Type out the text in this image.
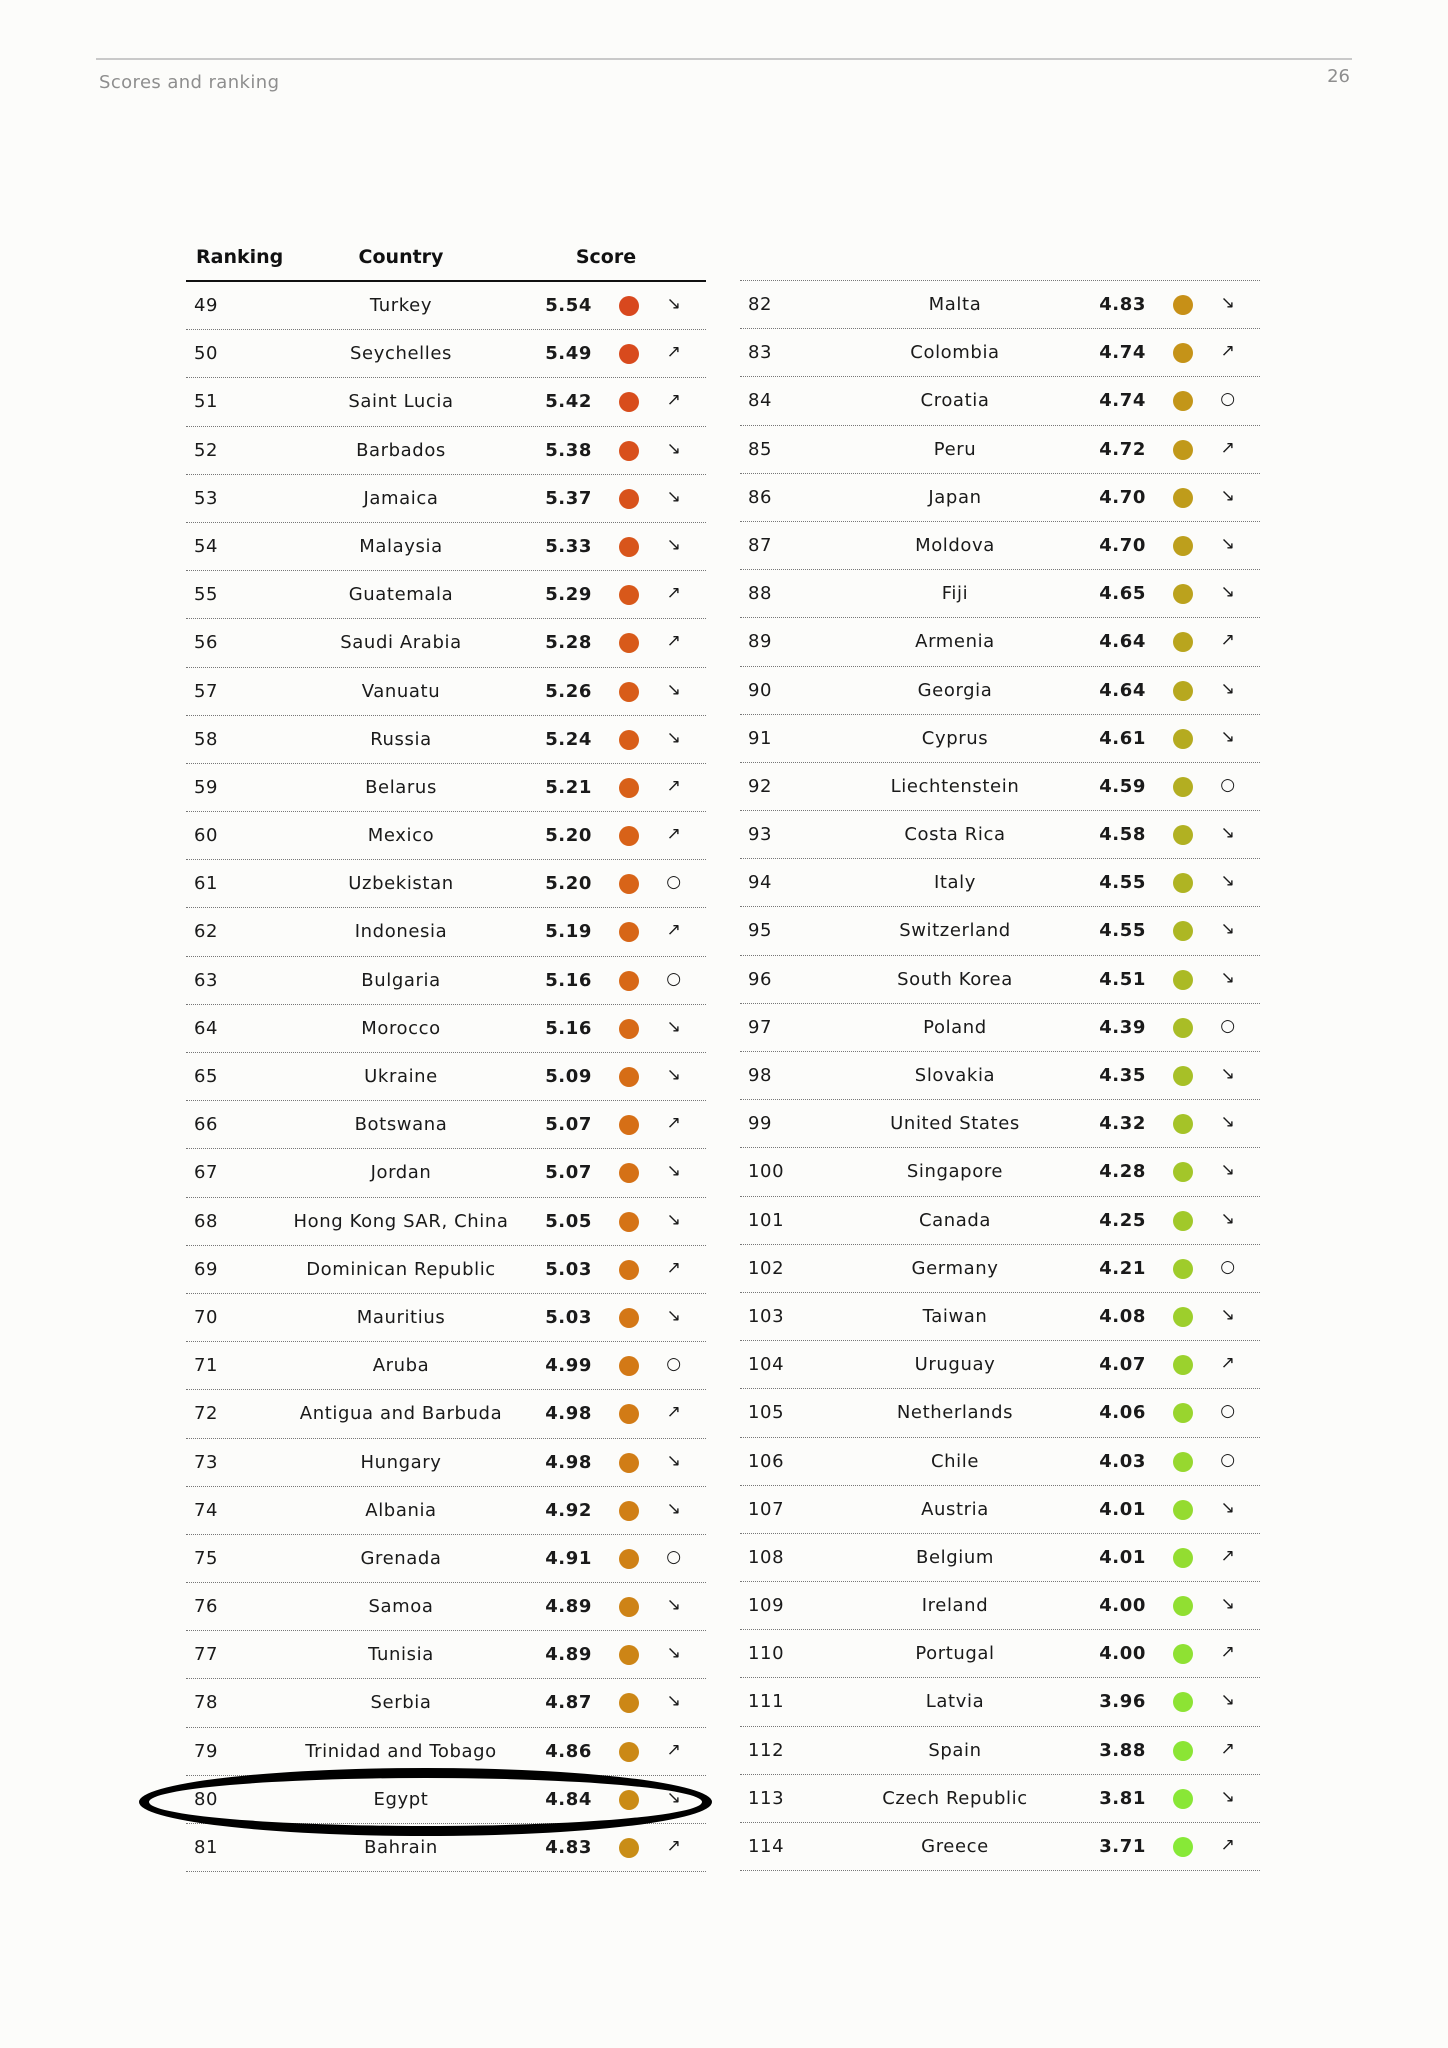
Scores and ranking	26
Ranking	Country	Score
49	Turkey	5.54	↘
50	Seychelles	5.49	↗
51	Saint Lucia	5.42	↗
52	Barbados	5.38	↘
53	Jamaica	5.37	↘
54	Malaysia	5.33	↘
55	Guatemala	5.29	↗
56	Saudi Arabia	5.28	↗
57	Vanuatu	5.26	↘
58	Russia	5.24	↘
59	Belarus	5.21	↗
60	Mexico	5.20	↗
61	Uzbekistan	5.20	○
62	Indonesia	5.19	↗
63	Bulgaria	5.16	○
64	Morocco	5.16	↘
65	Ukraine	5.09	↘
66	Botswana	5.07	↗
67	Jordan	5.07	↘
68	Hong Kong SAR, China	5.05	↘
69	Dominican Republic	5.03	↗
70	Mauritius	5.03	↘
71	Aruba	4.99	○
72	Antigua and Barbuda	4.98	↗
73	Hungary	4.98	↘
74	Albania	4.92	↘
75	Grenada	4.91	○
76	Samoa	4.89	↘
77	Tunisia	4.89	↘
78	Serbia	4.87	↘
79	Trinidad and Tobago	4.86	↗
80	Egypt	4.84	↘
81	Bahrain	4.83	↗
82	Malta	4.83	↘
83	Colombia	4.74	↗
84	Croatia	4.74	○
85	Peru	4.72	↗
86	Japan	4.70	↘
87	Moldova	4.70	↘
88	Fiji	4.65	↘
89	Armenia	4.64	↗
90	Georgia	4.64	↘
91	Cyprus	4.61	↘
92	Liechtenstein	4.59	○
93	Costa Rica	4.58	↘
94	Italy	4.55	↘
95	Switzerland	4.55	↘
96	South Korea	4.51	↘
97	Poland	4.39	○
98	Slovakia	4.35	↘
99	United States	4.32	↘
100	Singapore	4.28	↘
101	Canada	4.25	↘
102	Germany	4.21	○
103	Taiwan	4.08	↘
104	Uruguay	4.07	↗
105	Netherlands	4.06	○
106	Chile	4.03	○
107	Austria	4.01	↘
108	Belgium	4.01	↗
109	Ireland	4.00	↘
110	Portugal	4.00	↗
111	Latvia	3.96	↘
112	Spain	3.88	↗
113	Czech Republic	3.81	↘
114	Greece	3.71	↗
